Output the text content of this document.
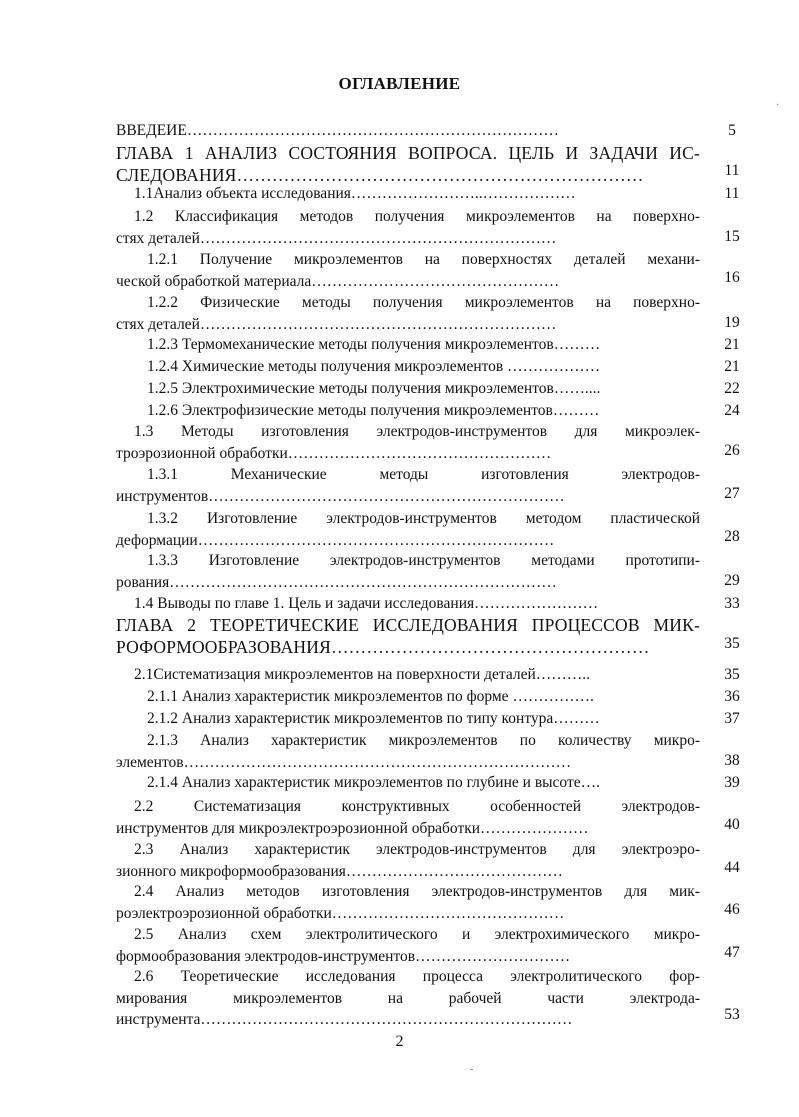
ОГЛАВЛЕНИЕ
ВВЕДЕИЕ………………………………………………………………	5
ГЛАВА 1 АНАЛИЗ СОСТОЯНИЯ ВОПРОСА. ЦЕЛЬ И ЗАДАЧИ ИС-
СЛЕДОВАНИЯ……………………………………………………………	11
1.1Анализ объекта исследования……………………..………………	11
1.2 Классификация методов получения микроэлементов на поверхно-
стях деталей……………………………………………………………	15
1.2.1 Получение микроэлементов на поверхностях деталей механи-
ческой обработкой материала…………………………………………	16
1.2.2 Физические методы получения микроэлементов на поверхно-
стях деталей……………………………………………………………	19
1.2.3 Термомеханические методы получения микроэлементов………	21
1.2.4 Химические методы получения микроэлементов ………………	21
1.2.5 Электрохимические методы получения микроэлементов……....	22
1.2.6 Электрофизические методы получения микроэлементов………	24
1.3 Методы изготовления электродов-инструментов для микроэлек-
троэрозионной обработки……………………………………………	26
1.3.1 Механические методы изготовления электродов-
инструментов……………………………………………………………	27
1.3.2 Изготовление электродов-инструментов методом пластической
деформации……………………………………………………………	28
1.3.3 Изготовление электродов-инструментов методами прототипи-
рования…………………………………………………………………	29
1.4 Выводы по главе 1. Цель и задачи исследования……………………	33
ГЛАВА 2 ТЕОРЕТИЧЕСКИЕ ИССЛЕДОВАНИЯ ПРОЦЕССОВ МИК-
РОФОРМООБРАЗОВАНИЯ………………………………………………	35
2.1Систематизация микроэлементов на поверхности деталей………..	35
2.1.1 Анализ характеристик микроэлементов по форме …………….	36
2.1.2 Анализ характеристик микроэлементов по типу контура………	37
2.1.3 Анализ характеристик микроэлементов по количеству микро-
элементов…………………………………………………………………	38
2.1.4 Анализ характеристик микроэлементов по глубине и высоте….	39
2.2 Систематизация конструктивных особенностей электродов-
инструментов для микроэлектроэрозионной обработки…………………	40
2.3 Анализ характеристик электродов-инструментов для электроэро-
зионного микроформообразования……………………………………	44
2.4 Анализ методов изготовления электродов-инструментов для мик-
роэлектроэрозионной обработки………………………………………	46
2.5 Анализ схем электролитического и электрохимического микро-
формообразования электродов-инструментов…………………………	47
2.6 Теоретические исследования процесса электролитического фор-
мирования микроэлементов на рабочей части электрода-
инструмента………………………………………………………………	53
2
·
-
